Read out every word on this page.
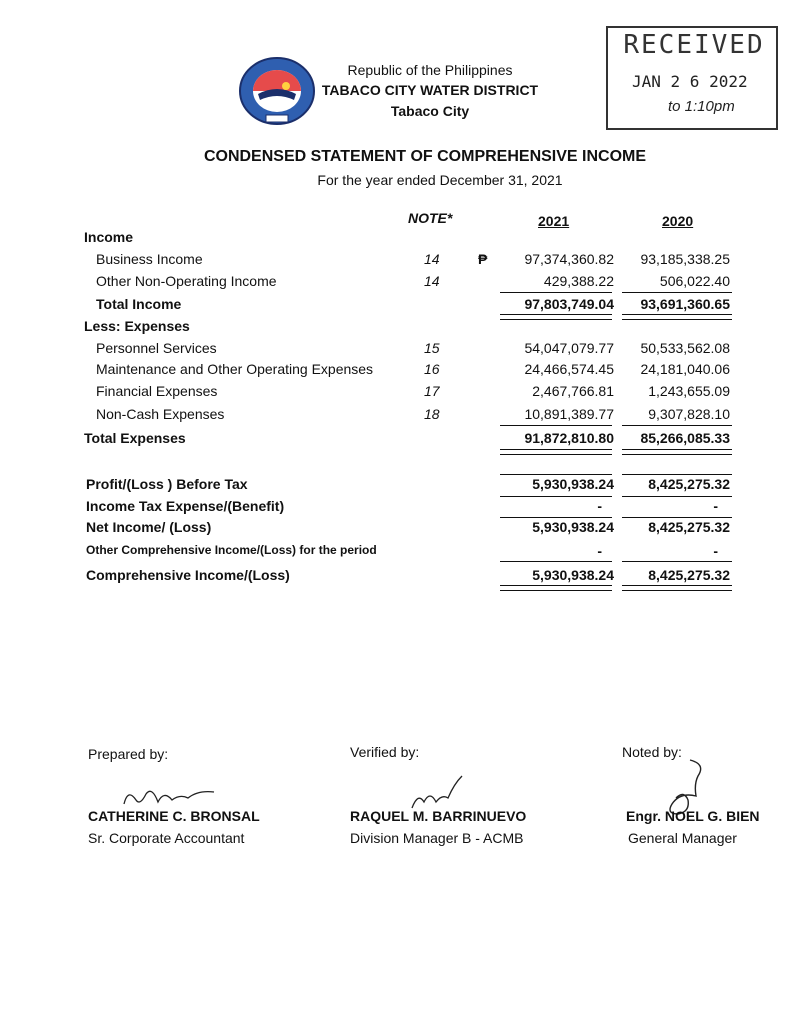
Republic of the Philippines
TABACO CITY WATER DISTRICT
Tabaco City
RECEIVED
JAN 2 6 2022
to 1:10pm
CONDENSED STATEMENT OF COMPREHENSIVE INCOME
For the year ended December 31, 2021
NOTE*	2021	2020
Income
Business Income	14	₱	97,374,360.82 93,185,338.25
Other Non-Operating Income	14	429,388.22	506,022.40
Total Income	97,803,749.04 93,691,360.65
Less: Expenses
Personnel Services	15	54,047,079.77 50,533,562.08
Maintenance and Other Operating Expenses	16	24,466,574.45 24,181,040.06
Financial Expenses	17	2,467,766.81 1,243,655.09
Non-Cash Expenses	18	10,891,389.77 9,307,828.10
Total Expenses	91,872,810.80 85,266,085.33
Profit/(Loss ) Before Tax	5,930,938.24 8,425,275.32
Income Tax Expense/(Benefit)	-	-
Net Income/ (Loss)	5,930,938.24 8,425,275.32
Other Comprehensive Income/(Loss) for the period	-	-
Comprehensive Income/(Loss)	5,930,938.24 8,425,275.32
Prepared by:	Verified by:	Noted by:
CATHERINE C. BRONSAL	RAQUEL M. BARRINUEVO	Engr. NOEL G. BIEN
Sr. Corporate Accountant	Division Manager B - ACMB	General Manager
